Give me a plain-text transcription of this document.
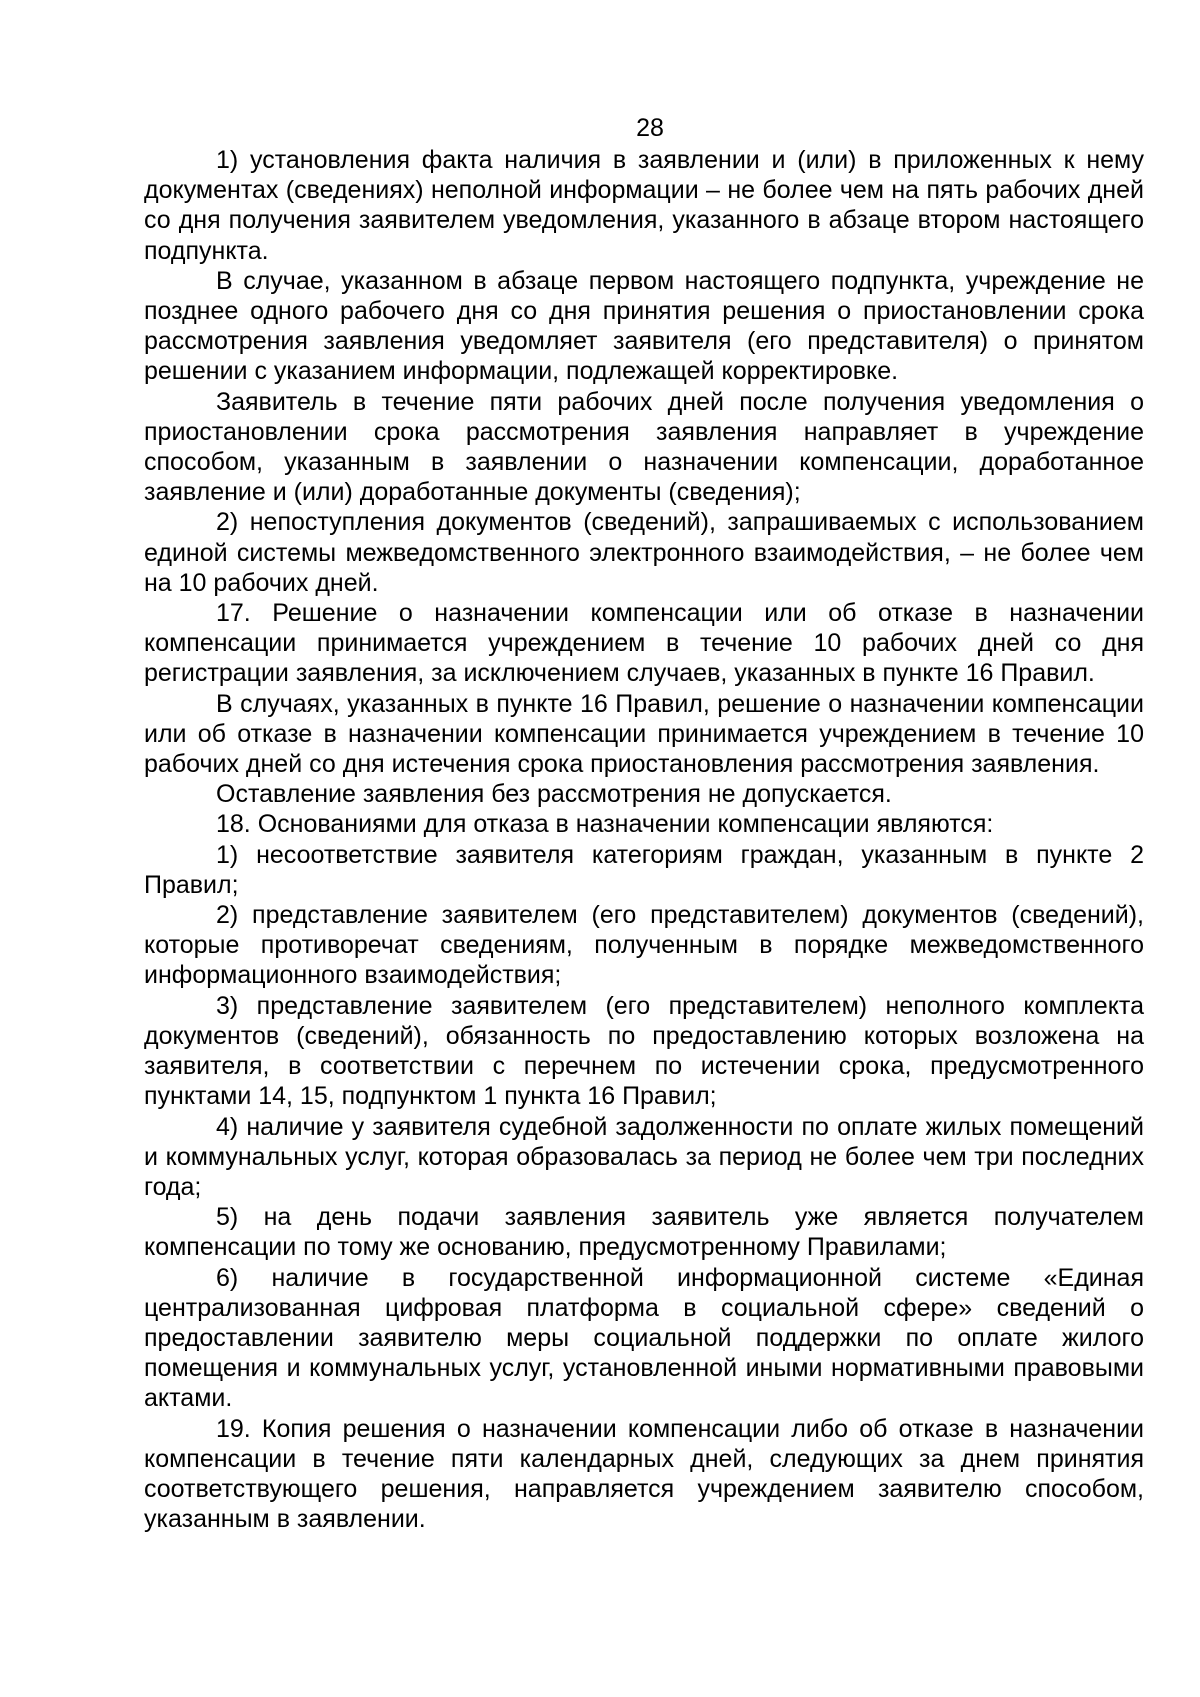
28

1) установления факта наличия в заявлении и (или) в приложенных к нему документах (сведениях) неполной информации – не более чем на пять рабочих дней со дня получения заявителем уведомления, указанного в абзаце втором настоящего подпункта.

В случае, указанном в абзаце первом настоящего подпункта, учреждение не позднее одного рабочего дня со дня принятия решения о приостановлении срока рассмотрения заявления уведомляет заявителя (его представителя) о принятом решении с указанием информации, подлежащей корректировке.

Заявитель в течение пяти рабочих дней после получения уведомления о приостановлении срока рассмотрения заявления направляет в учреждение способом, указанным в заявлении о назначении компенсации, доработанное заявление и (или) доработанные документы (сведения);

2) непоступления документов (сведений), запрашиваемых с использованием единой системы межведомственного электронного взаимодействия, – не более чем на 10 рабочих дней.

17. Решение о назначении компенсации или об отказе в назначении компенсации принимается учреждением в течение 10 рабочих дней со дня регистрации заявления, за исключением случаев, указанных в пункте 16 Правил.

В случаях, указанных в пункте 16 Правил, решение о назначении компенсации или об отказе в назначении компенсации принимается учреждением в течение 10 рабочих дней со дня истечения срока приостановления рассмотрения заявления.

Оставление заявления без рассмотрения не допускается.

18. Основаниями для отказа в назначении компенсации являются:

1) несоответствие заявителя категориям граждан, указанным в пункте 2 Правил;

2) представление заявителем (его представителем) документов (сведений), которые противоречат сведениям, полученным в порядке межведомственного информационного взаимодействия;

3) представление заявителем (его представителем) неполного комплекта документов (сведений), обязанность по предоставлению которых возложена на заявителя, в соответствии с перечнем по истечении срока, предусмотренного пунктами 14, 15, подпунктом 1 пункта 16 Правил;

4) наличие у заявителя судебной задолженности по оплате жилых помещений и коммунальных услуг, которая образовалась за период не более чем три последних года;

5) на день подачи заявления заявитель уже является получателем компенсации по тому же основанию, предусмотренному Правилами;

6) наличие в государственной информационной системе «Единая централизованная цифровая платформа в социальной сфере» сведений о предоставлении заявителю меры социальной поддержки по оплате жилого помещения и коммунальных услуг, установленной иными нормативными правовыми актами.

19. Копия решения о назначении компенсации либо об отказе в назначении компенсации в течение пяти календарных дней, следующих за днем принятия соответствующего решения, направляется учреждением заявителю способом, указанным в заявлении.
